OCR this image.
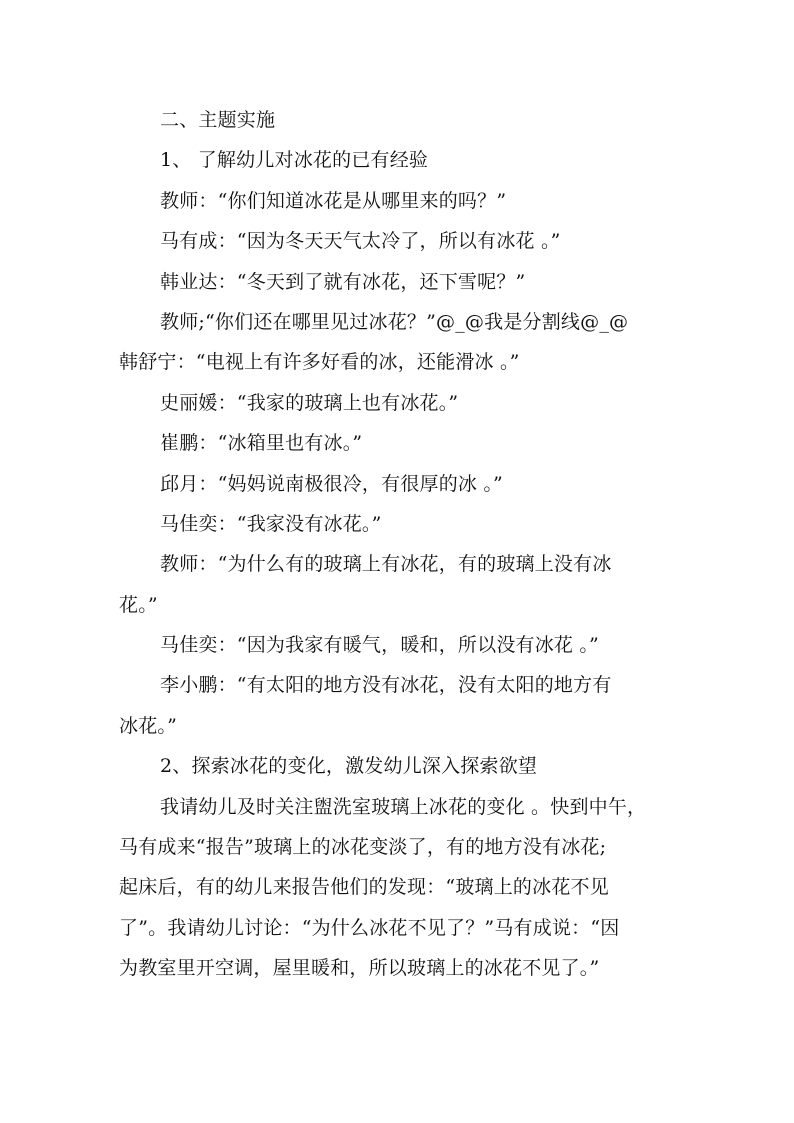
二、主题实施
1、 了解幼儿对冰花的已有经验
教师：“你们知道冰花是从哪里来的吗？”
马有成：“因为冬天天气太冷了，所以有冰花 。”
韩业达：“冬天到了就有冰花，还下雪呢？”
教师;“你们还在哪里见过冰花？”@_@我是分割线@_@
韩舒宁：“电视上有许多好看的冰，还能滑冰 。”
史丽媛：“我家的玻璃上也有冰花。”
崔鹏：“冰箱里也有冰。”
邱月：“妈妈说南极很冷，有很厚的冰 。”
马佳奕：“我家没有冰花。”
教师：“为什么有的玻璃上有冰花，有的玻璃上没有冰
花。”
马佳奕：“因为我家有暖气，暖和，所以没有冰花 。”
李小鹏：“有太阳的地方没有冰花，没有太阳的地方有
冰花。”
2、探索冰花的变化，激发幼儿深入探索欲望
我请幼儿及时关注盥洗室玻璃上冰花的变化 。快到中午，
马有成来“报告”玻璃上的冰花变淡了，有的地方没有冰花;
起床后，有的幼儿来报告他们的发现：“玻璃上的冰花不见
了”。我请幼儿讨论：“为什么冰花不见了？”马有成说：“因
为教室里开空调，屋里暖和，所以玻璃上的冰花不见了。”
